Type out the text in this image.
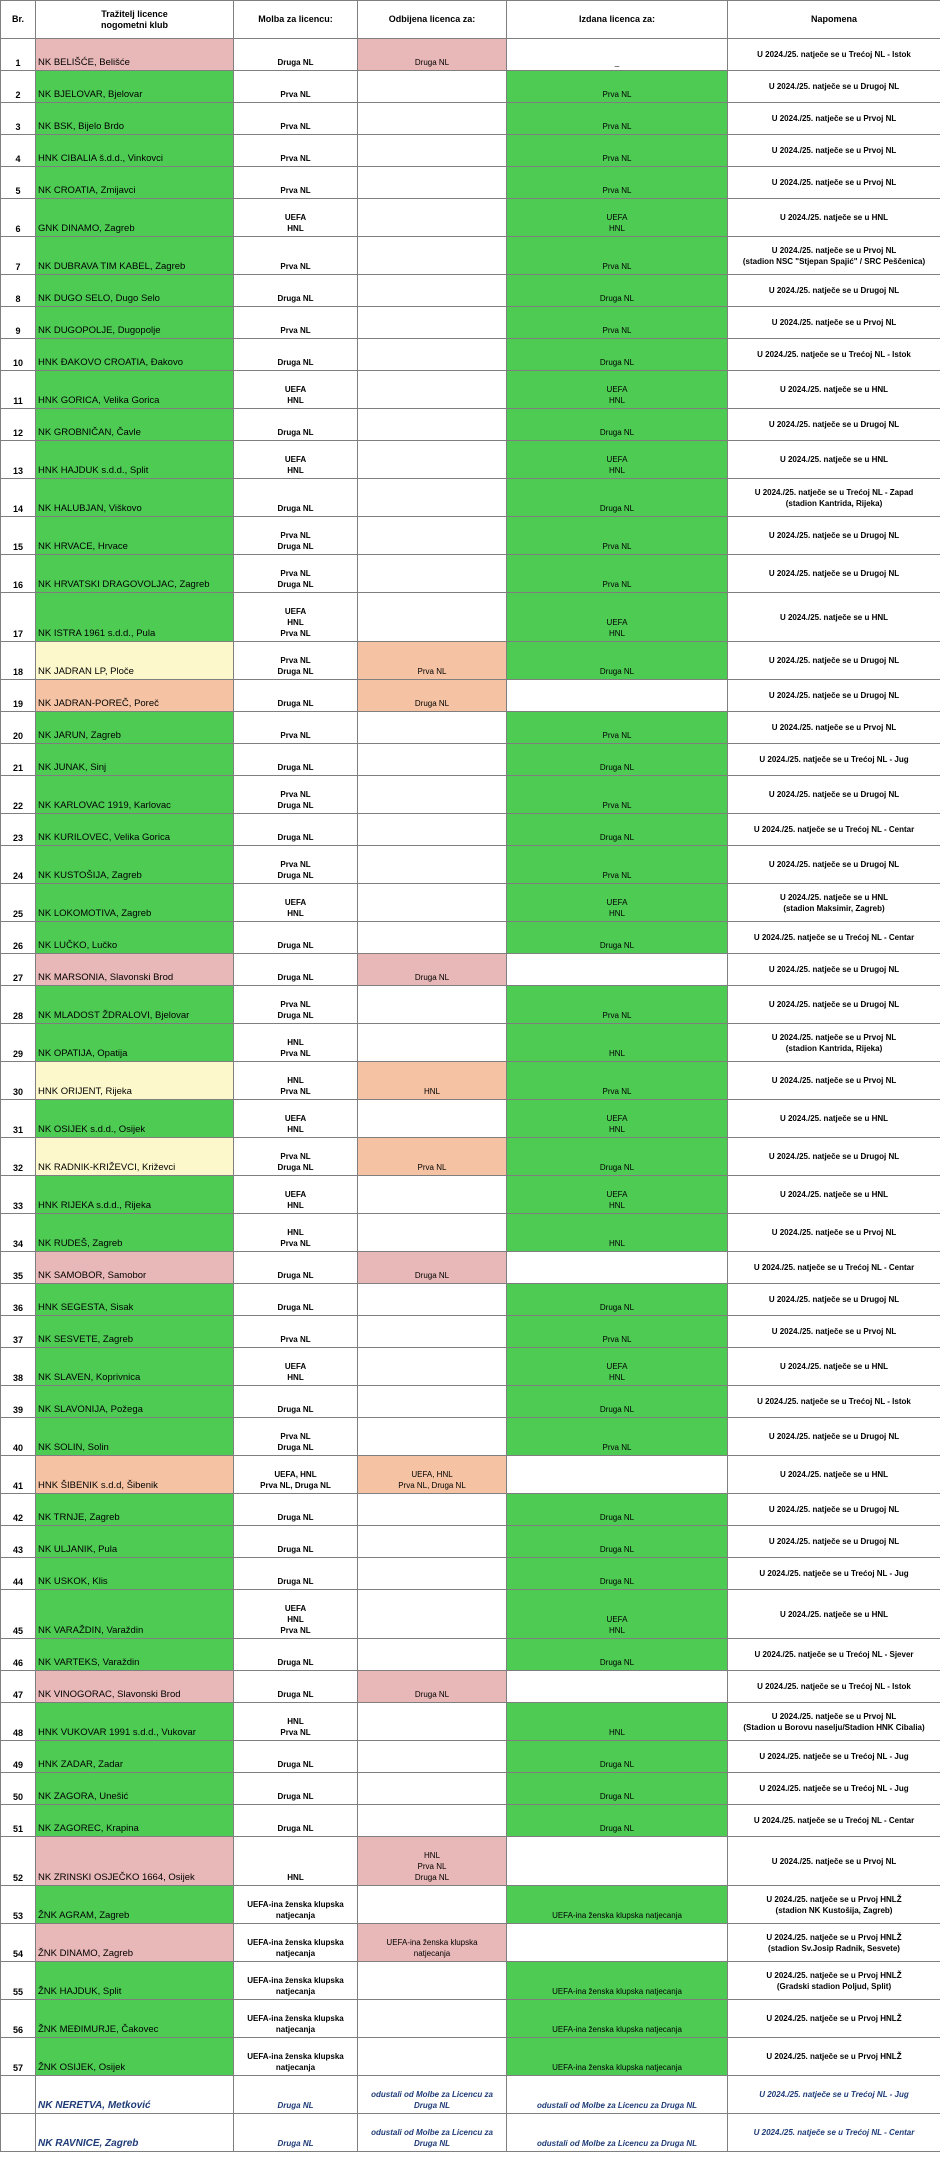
Br.	Tražitelj licence
nogometni klub	Molba za licencu:	Odbijena licenca za:	Izdana licenca za:	Napomena
1	NK BELIŠĆE, Belišće	Druga NL	Druga NL	_	U 2024./25. natječe se u Trećoj NL - Istok
2	NK BJELOVAR, Bjelovar	Prva NL		Prva NL	U 2024./25. natječe se u Drugoj NL
3	NK BSK, Bijelo Brdo	Prva NL		Prva NL	U 2024./25. natječe se u Prvoj NL
4	HNK CIBALIA š.d.d., Vinkovci	Prva NL		Prva NL	U 2024./25. natječe se u Prvoj NL
5	NK CROATIA, Zmijavci	Prva NL		Prva NL	U 2024./25. natječe se u Prvoj NL
6	GNK DINAMO, Zagreb	UEFA
HNL		UEFA
HNL	U 2024./25. natječe se u HNL
7	NK DUBRAVA TIM KABEL, Zagreb	Prva NL		Prva NL	U 2024./25. natječe se u Prvoj NL
(stadion NSC "Stjepan Spajić" / SRC Peščenica)
8	NK DUGO SELO, Dugo Selo	Druga NL		Druga NL	U 2024./25. natječe se u Drugoj NL
9	NK DUGOPOLJE, Dugopolje	Prva NL		Prva NL	U 2024./25. natječe se u Prvoj NL
10	HNK ĐAKOVO CROATIA, Đakovo	Druga NL		Druga NL	U 2024./25. natječe se u Trećoj NL - Istok
11	HNK GORICA, Velika Gorica	UEFA
HNL		UEFA
HNL	U 2024./25. natječe se u HNL
12	NK GROBNIČAN, Čavle	Druga NL		Druga NL	U 2024./25. natječe se u Drugoj NL
13	HNK HAJDUK s.d.d., Split	UEFA
HNL		UEFA
HNL	U 2024./25. natječe se u HNL
14	NK HALUBJAN, Viškovo	Druga NL		Druga NL	U 2024./25. natječe se u Trećoj NL - Zapad
(stadion Kantrida, Rijeka)
15	NK HRVACE, Hrvace	Prva NL
Druga NL		Prva NL	U 2024./25. natječe se u Drugoj NL
16	NK HRVATSKI DRAGOVOLJAC, Zagreb	Prva NL
Druga NL		Prva NL	U 2024./25. natječe se u Drugoj NL
17	NK ISTRA 1961 s.d.d., Pula	UEFA
HNL
Prva NL		UEFA
HNL	U 2024./25. natječe se u HNL
18	NK JADRAN LP, Ploče	Prva NL
Druga NL	Prva NL	Druga NL	U 2024./25. natječe se u Drugoj NL
19	NK JADRAN-POREČ, Poreč	Druga NL	Druga NL		U 2024./25. natječe se u Drugoj NL
20	NK JARUN, Zagreb	Prva NL		Prva NL	U 2024./25. natječe se u Prvoj NL
21	NK JUNAK, Sinj	Druga NL		Druga NL	U 2024./25. natječe se u Trećoj NL - Jug
22	NK KARLOVAC 1919, Karlovac	Prva NL
Druga NL		Prva NL	U 2024./25. natječe se u Drugoj NL
23	NK KURILOVEC, Velika Gorica	Druga NL		Druga NL	U 2024./25. natječe se u Trećoj NL - Centar
24	NK KUSTOŠIJA, Zagreb	Prva NL
Druga NL		Prva NL	U 2024./25. natječe se u Drugoj NL
25	NK LOKOMOTIVA, Zagreb	UEFA
HNL		UEFA
HNL	U 2024./25. natječe se u HNL
(stadion Maksimir, Zagreb)
26	NK LUČKO, Lučko	Druga NL		Druga NL	U 2024./25. natječe se u Trećoj NL - Centar
27	NK MARSONIA, Slavonski Brod	Druga NL	Druga NL		U 2024./25. natječe se u Drugoj NL
28	NK MLADOST ŽDRALOVI, Bjelovar	Prva NL
Druga NL		Prva NL	U 2024./25. natječe se u Drugoj NL
29	NK OPATIJA, Opatija	HNL
Prva NL		HNL	U 2024./25. natječe se u Prvoj NL
(stadion Kantrida, Rijeka)
30	HNK ORIJENT, Rijeka	HNL
Prva NL	HNL	Prva NL	U 2024./25. natječe se u Prvoj NL
31	NK OSIJEK s.d.d., Osijek	UEFA
HNL		UEFA
HNL	U 2024./25. natječe se u HNL
32	NK RADNIK-KRIŽEVCI, Križevci	Prva NL
Druga NL	Prva NL	Druga NL	U 2024./25. natječe se u Drugoj NL
33	HNK RIJEKA s.d.d., Rijeka	UEFA
HNL		UEFA
HNL	U 2024./25. natječe se u HNL
34	NK RUDEŠ, Zagreb	HNL
Prva NL		HNL	U 2024./25. natječe se u Prvoj NL
35	NK SAMOBOR, Samobor	Druga NL	Druga NL		U 2024./25. natječe se u Trećoj NL - Centar
36	HNK SEGESTA, Sisak	Druga NL		Druga NL	U 2024./25. natječe se u Drugoj NL
37	NK SESVETE, Zagreb	Prva NL		Prva NL	U 2024./25. natječe se u Prvoj NL
38	NK SLAVEN, Koprivnica	UEFA
HNL		UEFA
HNL	U 2024./25. natječe se u HNL
39	NK SLAVONIJA, Požega	Druga NL		Druga NL	U 2024./25. natječe se u Trećoj NL - Istok
40	NK SOLIN, Solin	Prva NL
Druga NL		Prva NL	U 2024./25. natječe se u Drugoj NL
41	HNK ŠIBENIK s.d.d, Šibenik	UEFA, HNL
Prva NL, Druga NL	UEFA, HNL
Prva NL, Druga NL		U 2024./25. natječe se u HNL
42	NK TRNJE, Zagreb	Druga NL		Druga NL	U 2024./25. natječe se u Drugoj NL
43	NK ULJANIK, Pula	Druga NL		Druga NL	U 2024./25. natječe se u Drugoj NL
44	NK USKOK, Klis	Druga NL		Druga NL	U 2024./25. natječe se u Trećoj NL - Jug
45	NK VARAŽDIN, Varaždin	UEFA
HNL
Prva NL		UEFA
HNL	U 2024./25. natječe se u HNL
46	NK VARTEKS, Varaždin	Druga NL		Druga NL	U 2024./25. natječe se u Trećoj NL - Sjever
47	NK VINOGORAC, Slavonski Brod	Druga NL	Druga NL		U 2024./25. natječe se u Trećoj NL - Istok
48	HNK VUKOVAR 1991 s.d.d., Vukovar	HNL
Prva NL		HNL	U 2024./25. natječe se u Prvoj NL
(Stadion u Borovu naselju/Stadion HNK Cibalia)
49	HNK ZADAR, Zadar	Druga NL		Druga NL	U 2024./25. natječe se u Trećoj NL - Jug
50	NK ZAGORA, Unešić	Druga NL		Druga NL	U 2024./25. natječe se u Trećoj NL - Jug
51	NK ZAGOREC, Krapina	Druga NL		Druga NL	U 2024./25. natječe se u Trećoj NL - Centar
52	NK ZRINSKI OSJEČKO 1664, Osijek	HNL	HNL
Prva NL
Druga NL		U 2024./25. natječe se u Prvoj NL
53	ŽNK AGRAM, Zagreb	UEFA-ina ženska klupska
natjecanja		UEFA-ina ženska klupska natjecanja	U 2024./25. natječe se u Prvoj HNLŽ
(stadion NK Kustošija, Zagreb)
54	ŽNK DINAMO, Zagreb	UEFA-ina ženska klupska
natjecanja	UEFA-ina ženska klupska
natjecanja		U 2024./25. natječe se u Prvoj HNLŽ
(stadion Sv.Josip Radnik, Sesvete)
55	ŽNK HAJDUK, Split	UEFA-ina ženska klupska
natjecanja		UEFA-ina ženska klupska natjecanja	U 2024./25. natječe se u Prvoj HNLŽ
(Gradski stadion Poljud, Split)
56	ŽNK MEĐIMURJE, Čakovec	UEFA-ina ženska klupska
natjecanja		UEFA-ina ženska klupska natjecanja	U 2024./25. natječe se u Prvoj HNLŽ
57	ŽNK OSIJEK, Osijek	UEFA-ina ženska klupska
natjecanja		UEFA-ina ženska klupska natjecanja	U 2024./25. natječe se u Prvoj HNLŽ
	NK NERETVA, Metković	Druga NL	odustali od Molbe za Licencu za
Druga NL	odustali od Molbe za Licencu za Druga NL	U 2024./25. natječe se u Trećoj NL - Jug
	NK RAVNICE, Zagreb	Druga NL	odustali od Molbe za Licencu za
Druga NL	odustali od Molbe za Licencu za Druga NL	U 2024./25. natječe se u Trećoj NL - Centar
